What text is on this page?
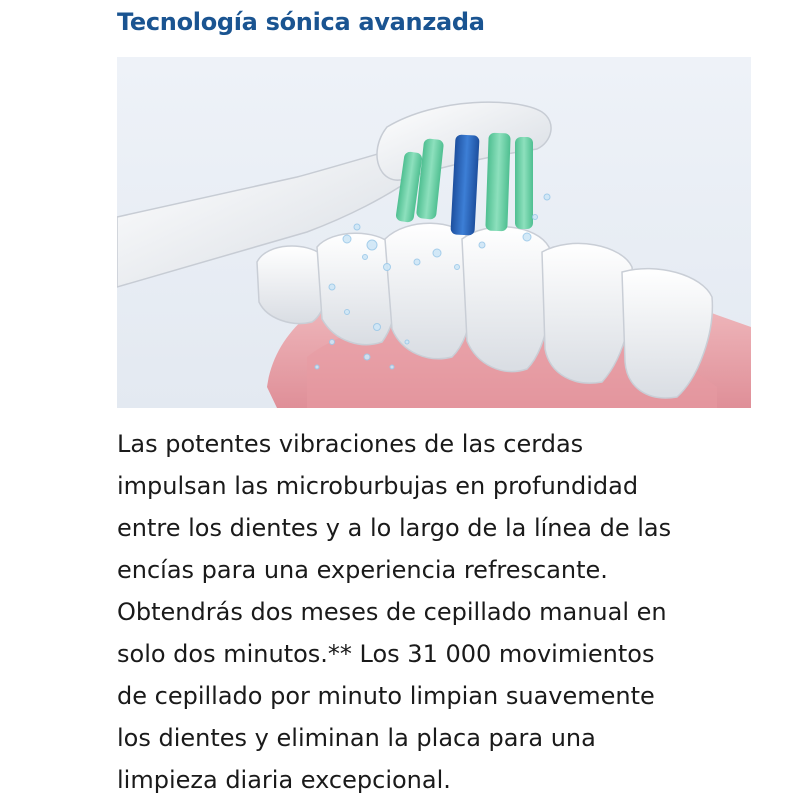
Tecnología sónica avanzada

Las potentes vibraciones de las cerdas
impulsan las microburbujas en profundidad
entre los dientes y a lo largo de la línea de las
encías para una experiencia refrescante.
Obtendrás dos meses de cepillado manual en
solo dos minutos.** Los 31 000 movimientos
de cepillado por minuto limpian suavemente
los dientes y eliminan la placa para una
limpieza diaria excepcional.
